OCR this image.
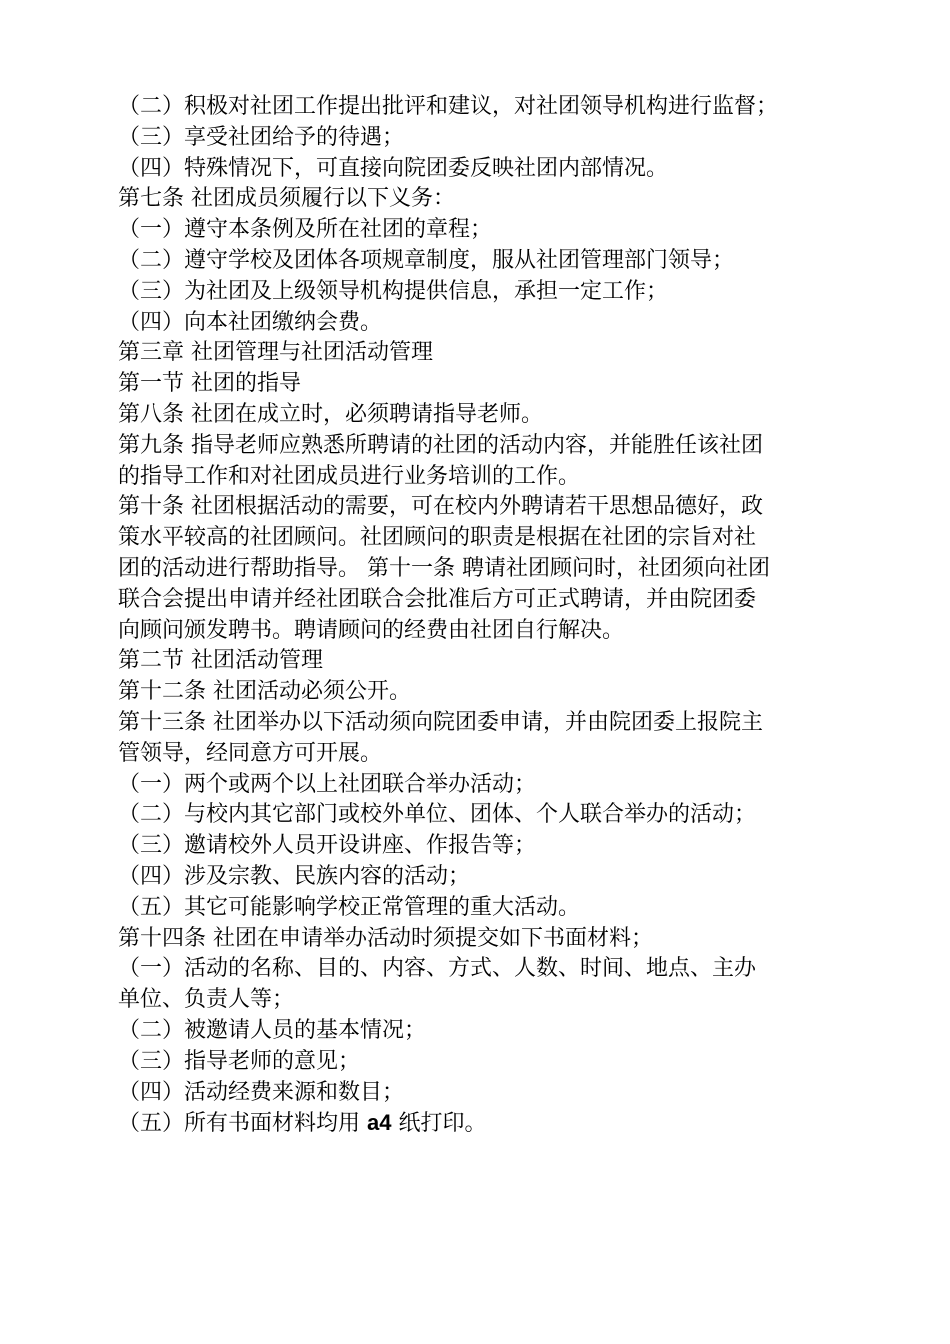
（二）积极对社团工作提出批评和建议，对社团领导机构进行监督；
（三）享受社团给予的待遇；
（四）特殊情况下，可直接向院团委反映社团内部情况。
第七条 社团成员须履行以下义务：
（一）遵守本条例及所在社团的章程；
（二）遵守学校及团体各项规章制度，服从社团管理部门领导；
（三）为社团及上级领导机构提供信息，承担一定工作；
（四）向本社团缴纳会费。
第三章 社团管理与社团活动管理
第一节 社团的指导
第八条 社团在成立时，必须聘请指导老师。
第九条 指导老师应熟悉所聘请的社团的活动内容，并能胜任该社团
的指导工作和对社团成员进行业务培训的工作。
第十条 社团根据活动的需要，可在校内外聘请若干思想品德好，政
策水平较高的社团顾问。社团顾问的职责是根据在社团的宗旨对社
团的活动进行帮助指导。 第十一条 聘请社团顾问时，社团须向社团
联合会提出申请并经社团联合会批准后方可正式聘请，并由院团委
向顾问颁发聘书。聘请顾问的经费由社团自行解决。
第二节 社团活动管理
第十二条 社团活动必须公开。
第十三条 社团举办以下活动须向院团委申请，并由院团委上报院主
管领导，经同意方可开展。
（一）两个或两个以上社团联合举办活动；
（二）与校内其它部门或校外单位、团体、个人联合举办的活动；
（三）邀请校外人员开设讲座、作报告等；
（四）涉及宗教、民族内容的活动；
（五）其它可能影响学校正常管理的重大活动。
第十四条 社团在申请举办活动时须提交如下书面材料；
（一）活动的名称、目的、内容、方式、人数、时间、地点、主办
单位、负责人等；
（二）被邀请人员的基本情况；
（三）指导老师的意见；
（四）活动经费来源和数目；
（五）所有书面材料均用 a4 纸打印。
